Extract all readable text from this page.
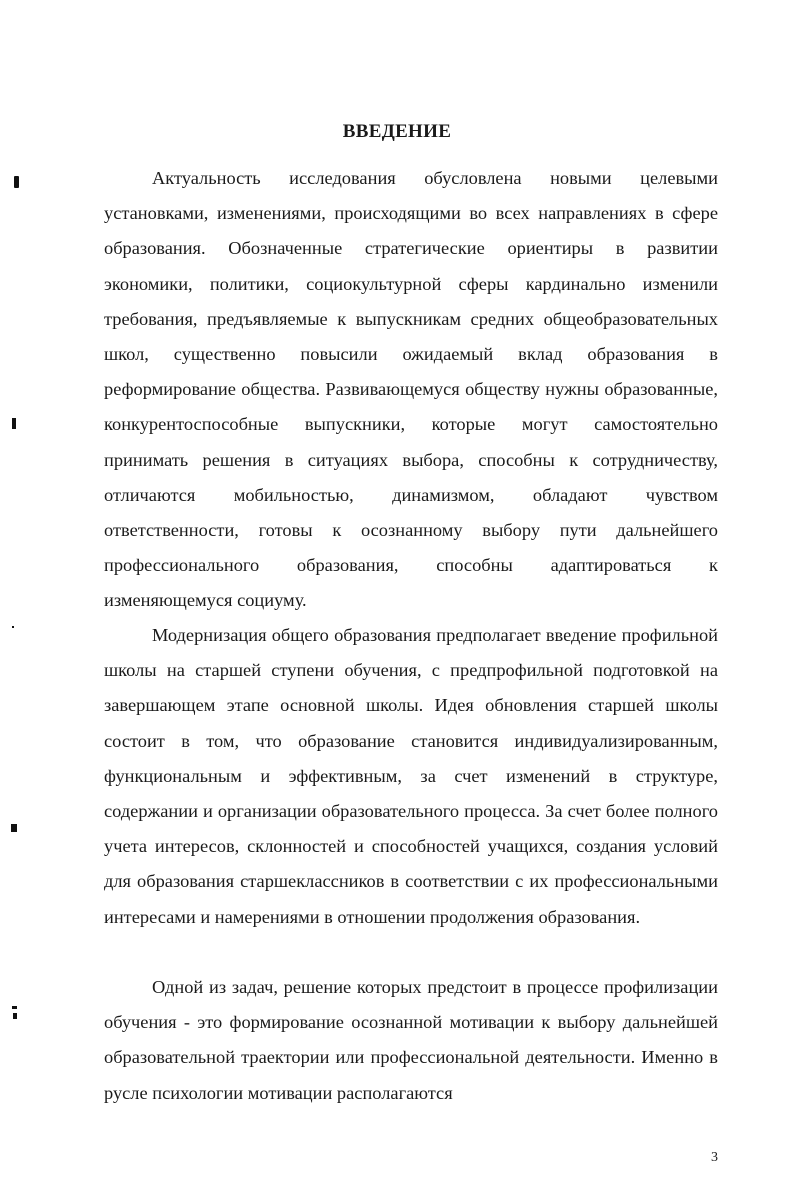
ВВЕДЕНИЕ

Актуальность исследования обусловлена новыми целевыми установками, изменениями, происходящими во всех направлениях в сфере образования. Обозначенные стратегические ориентиры в развитии экономики, политики, социокультурной сферы кардинально изменили требования, предъявляемые к выпускникам средних общеобразовательных школ, существенно повысили ожидаемый вклад образования в реформирование общества. Развивающемуся обществу нужны образованные, конкурентоспособные выпускники, которые могут самостоятельно принимать решения в ситуациях выбора, способны к сотрудничеству, отличаются мобильностью, динамизмом, обладают чувством ответственности, готовы к осознанному выбору пути дальнейшего профессионального образования, способны адаптироваться к изменяющемуся социуму.

Модернизация общего образования предполагает введение профильной школы на старшей ступени обучения, с предпрофильной подготовкой на завершающем этапе основной школы. Идея обновления старшей школы состоит в том, что образование становится индивидуализированным, функциональным и эффективным, за счет изменений в структуре, содержании и организации образовательного процесса. За счет более полного учета интересов, склонностей и способностей учащихся, создания условий для образования старшеклассников в соответствии с их профессиональными интересами и намерениями в отношении продолжения образования.

Одной из задач, решение которых предстоит в процессе профилизации обучения - это формирование осознанной мотивации к выбору дальнейшей образовательной траектории или профессиональной деятельности. Именно в русле психологии мотивации располагаются

3
